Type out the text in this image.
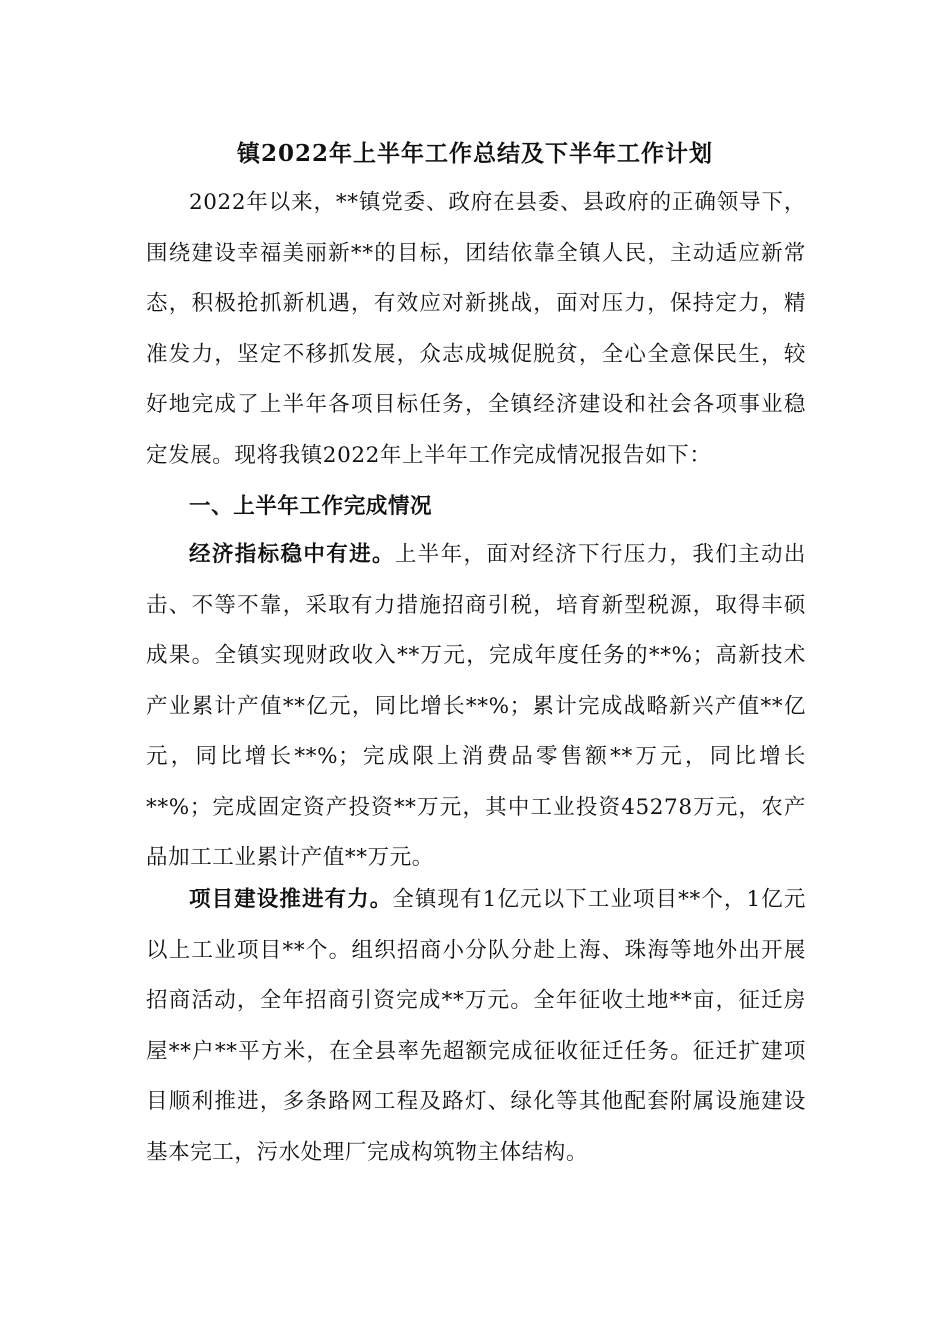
镇2022年上半年工作总结及下半年工作计划

2022年以来，**镇党委、政府在县委、县政府的正确领导下，围绕建设幸福美丽新**的目标，团结依靠全镇人民，主动适应新常态，积极抢抓新机遇，有效应对新挑战，面对压力，保持定力，精准发力，坚定不移抓发展，众志成城促脱贫，全心全意保民生，较好地完成了上半年各项目标任务，全镇经济建设和社会各项事业稳定发展。现将我镇2022年上半年工作完成情况报告如下：

一、上半年工作完成情况

经济指标稳中有进。上半年，面对经济下行压力，我们主动出击、不等不靠，采取有力措施招商引税，培育新型税源，取得丰硕成果。全镇实现财政收入**万元，完成年度任务的**%；高新技术产业累计产值**亿元，同比增长**%；累计完成战略新兴产值**亿元，同比增长**%；完成限上消费品零售额**万元，同比增长**%；完成固定资产投资**万元，其中工业投资45278万元，农产品加工工业累计产值**万元。

项目建设推进有力。全镇现有1亿元以下工业项目**个，1亿元以上工业项目**个。组织招商小分队分赴上海、珠海等地外出开展招商活动，全年招商引资完成**万元。全年征收土地**亩，征迁房屋**户**平方米，在全县率先超额完成征收征迁任务。征迁扩建项目顺利推进，多条路网工程及路灯、绿化等其他配套附属设施建设基本完工，污水处理厂完成构筑物主体结构。
